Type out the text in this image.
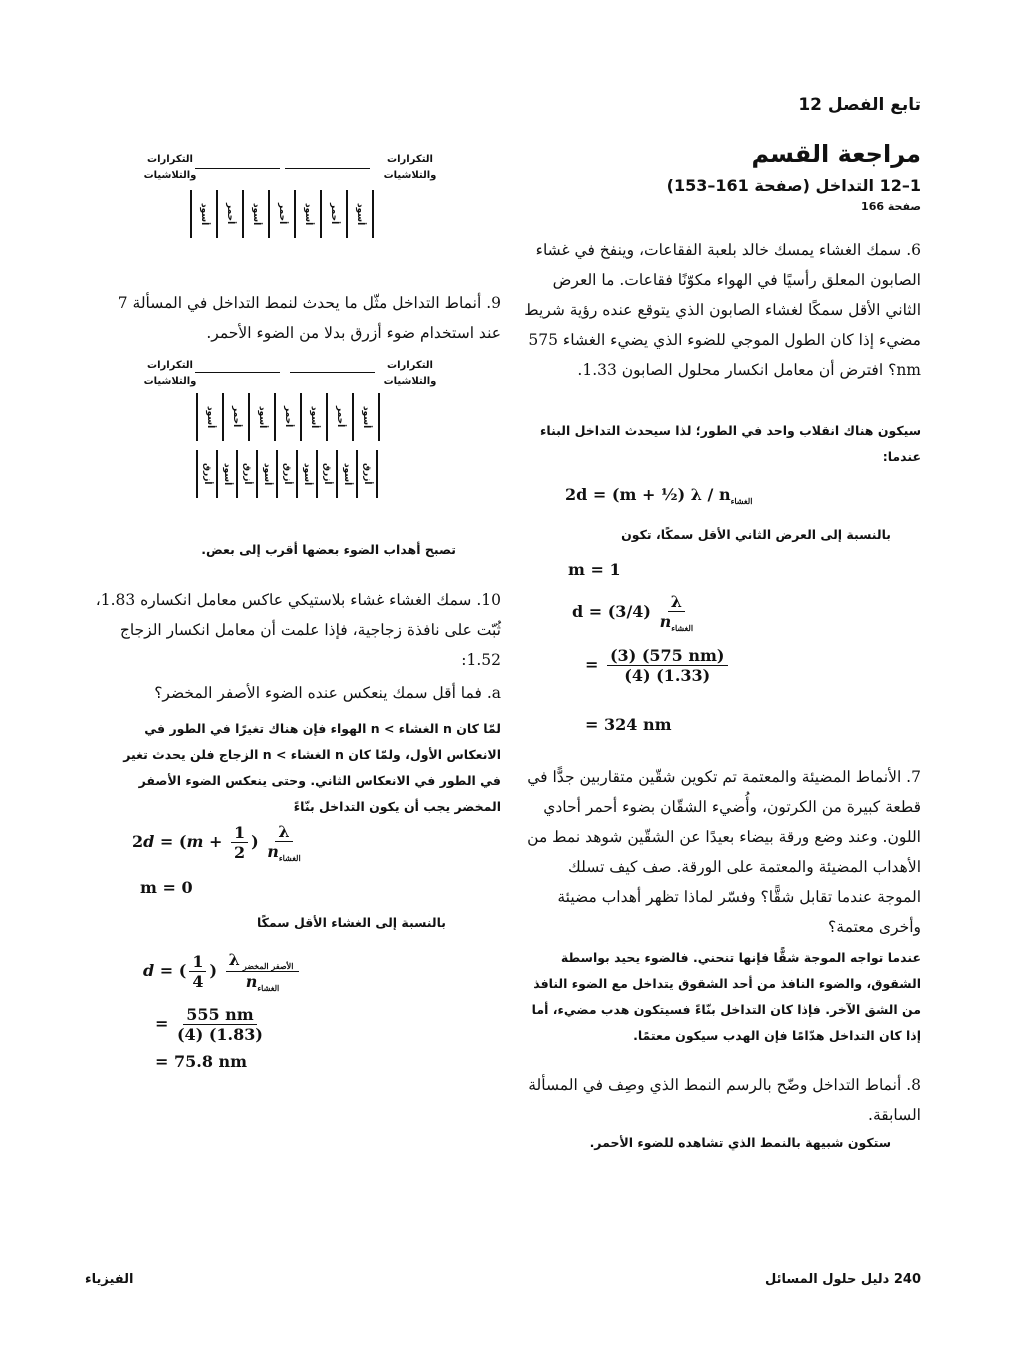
تابع الفصل 12
مراجعة القسم
1–12 التداخل (صفحة 161–153)
صفحة 166
6. سمك الغشاء يمسك خالد بلعبة الفقاعات، وينفخ في غشاء الصابون المعلق رأسيًا في الهواء مكوّنًا فقاعات. ما العرض الثاني الأقل سمكًا لغشاء الصابون الذي يتوقع عنده رؤية شريط مضيء إذا كان الطول الموجي للضوء الذي يضيء الغشاء 575 nm؟ افترض أن معامل انكسار محلول الصابون 1.33.
سيكون هناك انقلاب واحد في الطور؛ لذا سيحدث التداخل البناء عندما:
2d = (m + ½) λ / $n_{الغشاء}$
بالنسبة إلى العرض الثاني الأقل سمكًا، تكون
m = 1
$d = (3/4) \frac{\lambda}{n_{الغشاء}}$
= $\frac{(3) (575 nm)}{(4) (1.33)}$
= 324 nm
7. الأنماط المضيئة والمعتمة تم تكوين شقّين متقاربين جدًّا في قطعة كبيرة من الكرتون، وأُضيء الشقّان بضوء أحمر أحادي اللون. وعند وضع ورقة بيضاء بعيدًا عن الشقّين شوهد نمط من الأهداب المضيئة والمعتمة على الورقة. صف كيف تسلك الموجة عندما تقابل شقًّا؟ وفسّر لماذا تظهر أهداب مضيئة وأخرى معتمة؟
عندما تواجه الموجة شقًّا فإنها تنحني. فالضوء يحيد بواسطة الشقوق، والضوء النافذ من أحد الشقوق يتداخل مع الضوء النافذ من الشق الآخر. فإذا كان التداخل بنّاءً فسيتكون هدب مضيء، أما إذا كان التداخل هدّامًا فإن الهدب سيكون معتمًا.
8. أنماط التداخل وضّح بالرسم النمط الذي وصِف في المسألة السابقة.
ستكون شبيهة بالنمط الذي تشاهده للضوء الأحمر.
التكرارات والتلاشيات
التكرارات والتلاشيات
أسود أحمر أسود أحمر أسود أحمر أسود
9. أنماط التداخل مثّل ما يحدث لنمط التداخل في المسألة 7 عند استخدام ضوء أزرق بدلا من الضوء الأحمر.
التكرارات والتلاشيات
التكرارات والتلاشيات
أسود أحمر أسود أحمر أسود أحمر أسود
أزرق أسود أزرق أسود أزرق أسود أزرق أسود أزرق
تصبح أهداب الضوء بعضها أقرب إلى بعض.
10. سمك الغشاء غشاء بلاستيكي عاكس معامل انكساره 1.83، ثُبّت على نافذة زجاجية، فإذا علمت أن معامل انكسار الزجاج 1.52:
a. فما أقل سمك ينعكس عنده الضوء الأصفر المخضر؟
لمّا كان n الغشاء > n الهواء فإن هناك تغيرًا في الطور في الانعكاس الأول، ولمّا كان n الغشاء > n الزجاج فلن يحدث تغير في الطور في الانعكاس الثاني. وحتى ينعكس الضوء الأصفر المخضر يجب أن يكون التداخل بنّاءً
$2d = (m + \frac{1}{2}$ ) $\frac{\lambda}{n_{الغشاء}}$
m = 0
بالنسبة إلى الغشاء الأقل سمكًا
d = ( $\frac{1}{4}$ ) $\frac{\lambda _{الأصفر المخضر}}{n_{الغشاء}}$
= $\frac{555 nm}{(4) (1.83)}$
= 75.8 nm
240 دليل حلول المسائل
الفيزياء
